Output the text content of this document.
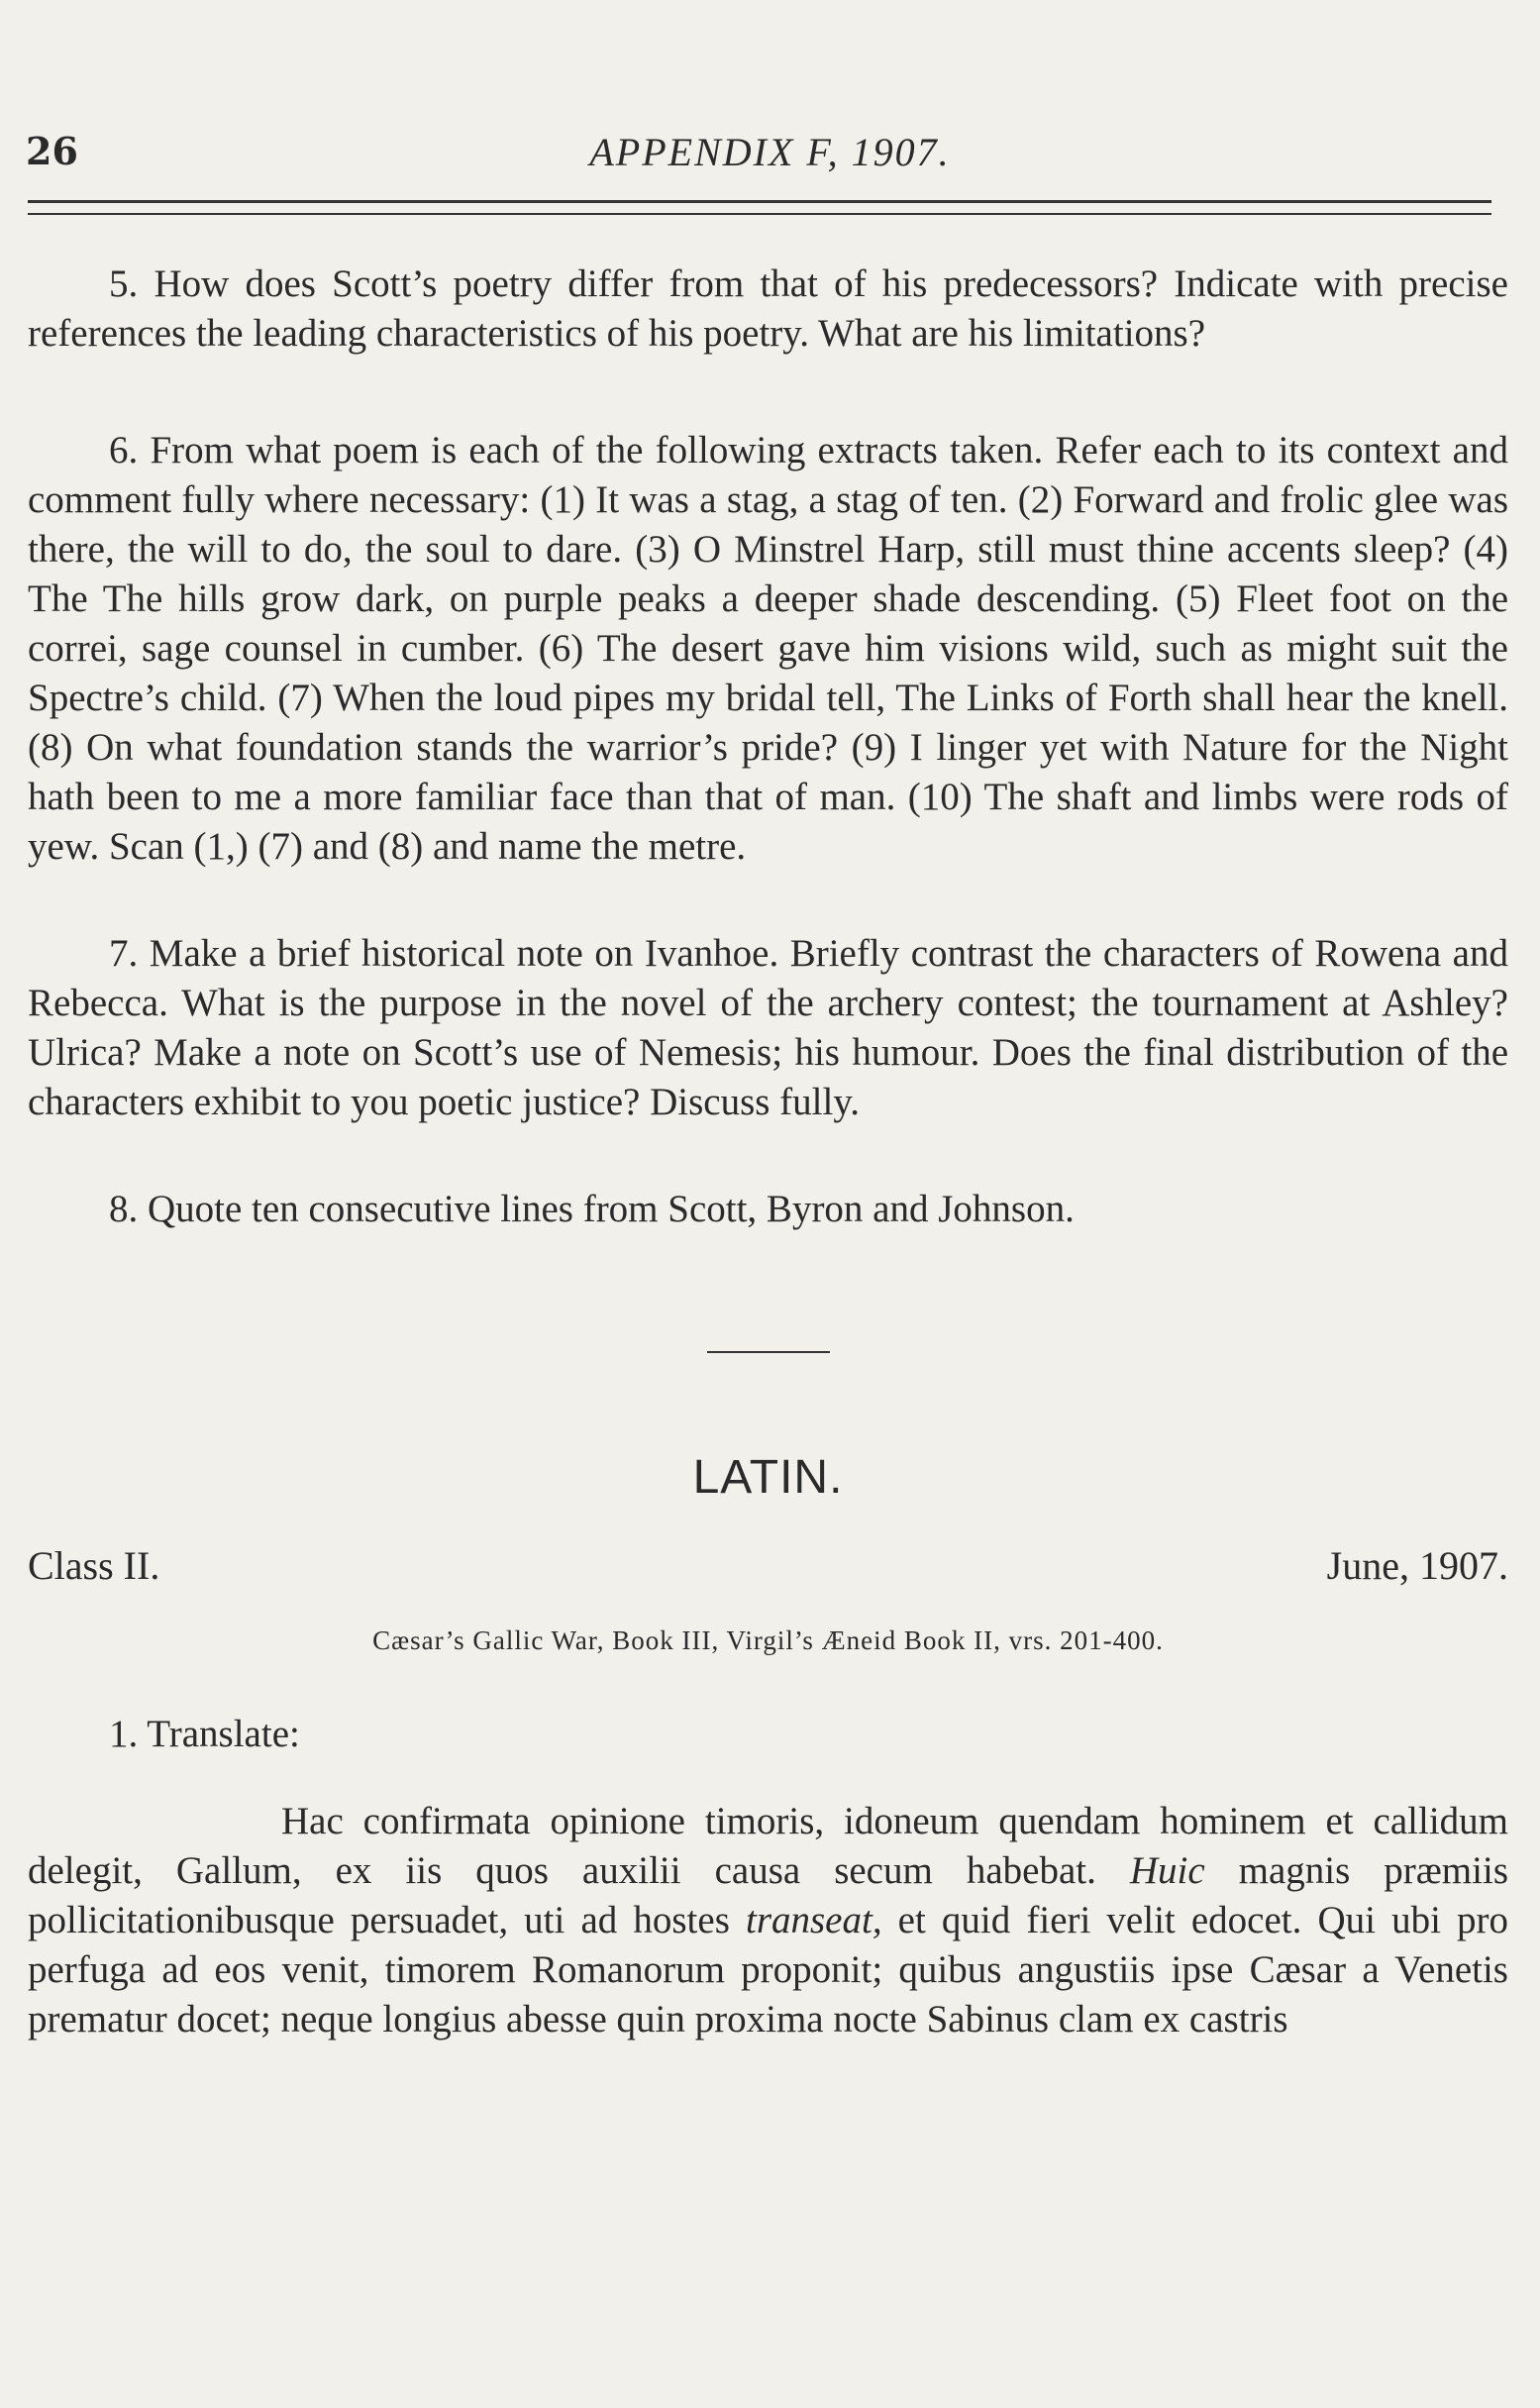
26	APPENDIX F, 1907.

5. How does Scott’s poetry differ from that of his predecessors? Indicate with precise references the leading characteristics of his poetry. What are his limitations?

6. From what poem is each of the following extracts taken. Refer each to its context and comment fully where necessary: (1) It was a stag, a stag of ten. (2) Forward and frolic glee was there, the will to do, the soul to dare. (3) O Minstrel Harp, still must thine accents sleep? (4) The The hills grow dark, on purple peaks a deeper shade descending. (5) Fleet foot on the correi, sage counsel in cumber. (6) The desert gave him visions wild, such as might suit the Spectre’s child. (7) When the loud pipes my bridal tell, The Links of Forth shall hear the knell. (8) On what foundation stands the warrior’s pride? (9) I linger yet with Nature for the Night hath been to me a more familiar face than that of man. (10) The shaft and limbs were rods of yew. Scan (1,) (7) and (8) and name the metre.

7. Make a brief historical note on Ivanhoe. Briefly contrast the characters of Rowena and Rebecca. What is the purpose in the novel of the archery contest; the tournament at Ashley? Ulrica? Make a note on Scott’s use of Nemesis; his humour. Does the final distribution of the characters exhibit to you poetic justice? Discuss fully.

8. Quote ten consecutive lines from Scott, Byron and Johnson.

LATIN.
Class II.	June, 1907.
Cæsar’s Gallic War, Book III, Virgil’s Æneid Book II, vrs. 201-400.

1. Translate:

Hac confirmata opinione timoris, idoneum quendam hominem et callidum delegit, Gallum, ex iis quos auxilii causa secum habebat. Huic magnis præmiis pollicitationibusque persuadet, uti ad hostes transeat, et quid fieri velit edocet. Qui ubi pro perfuga ad eos venit, timorem Romanorum proponit; quibus angustiis ipse Cæsar a Venetis prematur docet; neque longius abesse quin proxima nocte Sabinus clam ex castris
